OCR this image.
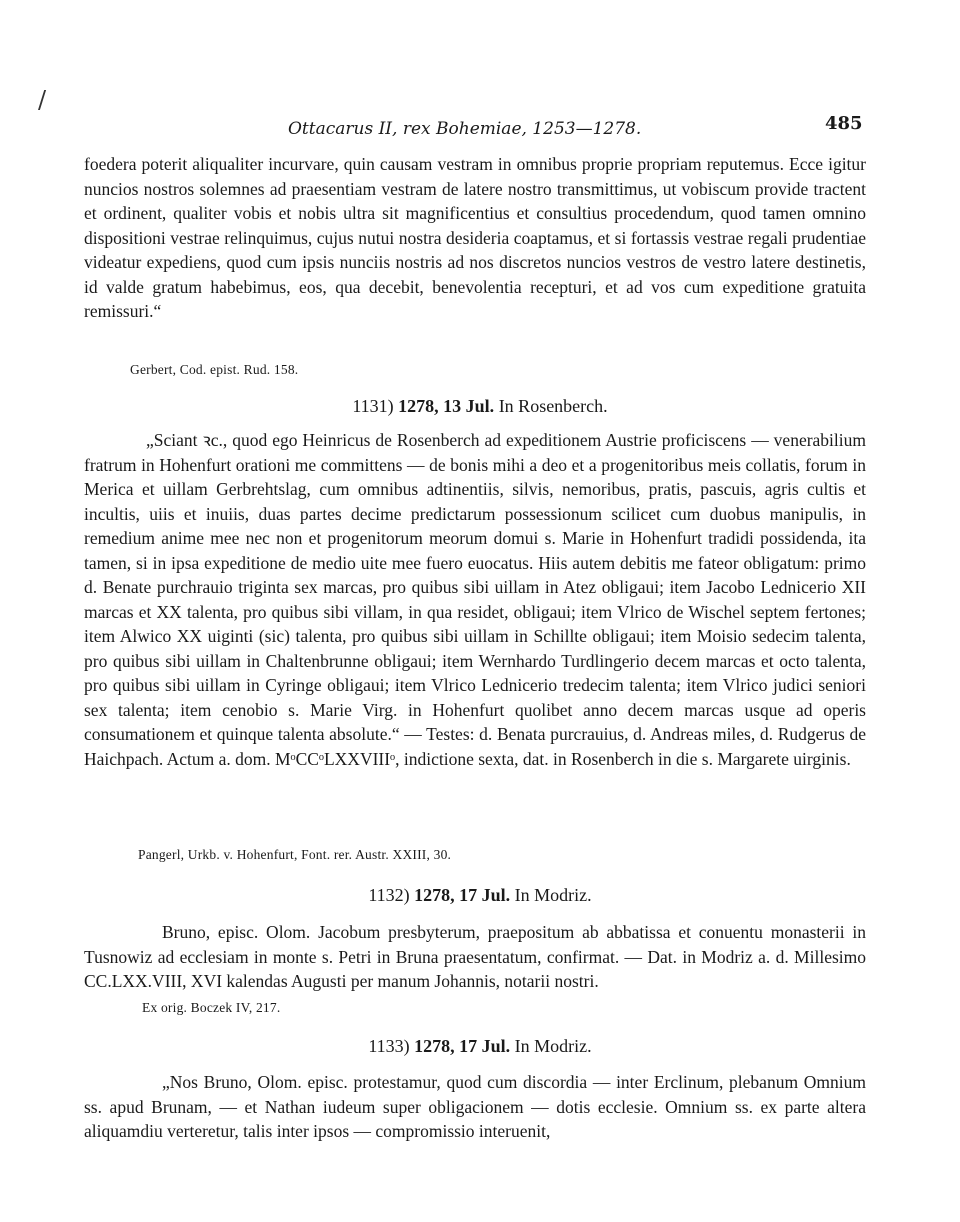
/
Ottacarus II, rex Bohemiae, 1253—1278.	485
foedera poterit aliqualiter incurvare, quin causam vestram in omnibus proprie propriam reputemus. Ecce igitur nuncios nostros solemnes ad praesentiam vestram de latere nostro transmittimus, ut vobiscum provide tractent et ordinent, qualiter vobis et nobis ultra sit magnificentius et consultius procedendum, quod tamen omnino dispositioni vestrae relinquimus, cujus nutui nostra desideria coaptamus, et si fortassis vestrae regali prudentiae videatur expediens, quod cum ipsis nunciis nostris ad nos discretos nuncios vestros de vestro latere destinetis, id valde gratum habebimus, eos, qua decebit, benevolentia recepturi, et ad vos cum expeditione gratuita remissuri.“
Gerbert, Cod. epist. Rud. 158.
1131) 1278, 13 Jul. In Rosenberch.
„Sciant ꝛc., quod ego Heinricus de Rosenberch ad expeditionem Austrie proficiscens — venerabilium fratrum in Hohenfurt orationi me committens — de bonis mihi a deo et a progenitoribus meis collatis, forum in Merica et uillam Gerbrehtslag, cum omnibus adtinentiis, silvis, nemoribus, pratis, pascuis, agris cultis et incultis, uiis et inuiis, duas partes decime predictarum possessionum scilicet cum duobus manipulis, in remedium anime mee nec non et progenitorum meorum domui s. Marie in Hohenfurt tradidi possidenda, ita tamen, si in ipsa expeditione de medio uite mee fuero euocatus. Hiis autem debitis me fateor obligatum: primo d. Benate purchrauio triginta sex marcas, pro quibus sibi uillam in Atez obligaui; item Jacobo Lednicerio XII marcas et XX talenta, pro quibus sibi villam, in qua residet, obligaui; item Vlrico de Wischel septem fertones; item Alwico XX uiginti (sic) talenta, pro quibus sibi uillam in Schillte obligaui; item Moisio sedecim talenta, pro quibus sibi uillam in Chaltenbrunne obligaui; item Wernhardo Turdlingerio decem marcas et octo talenta, pro quibus sibi uillam in Cyringe obligaui; item Vlrico Lednicerio tredecim talenta; item Vlrico judici seniori sex talenta; item cenobio s. Marie Virg. in Hohenfurt quolibet anno decem marcas usque ad operis consumationem et quinque talenta absolute.“ — Testes: d. Benata purcrauius, d. Andreas miles, d. Rudgerus de Haichpach. Actum a. dom. MᵒCCᵒLXXVIIIᵒ, indictione sexta, dat. in Rosenberch in die s. Margarete uirginis.
Pangerl, Urkb. v. Hohenfurt, Font. rer. Austr. XXIII, 30.
1132) 1278, 17 Jul. In Modriz.
Bruno, episc. Olom. Jacobum presbyterum, praepositum ab abbatissa et conuentu monasterii in Tusnowiz ad ecclesiam in monte s. Petri in Bruna praesentatum, confirmat. — Dat. in Modriz a. d. Millesimo CC.LXX.VIII, XVI kalendas Augusti per manum Johannis, notarii nostri.
Ex orig. Boczek IV, 217.
1133) 1278, 17 Jul. In Modriz.
„Nos Bruno, Olom. episc. protestamur, quod cum discordia — inter Erclinum, plebanum Omnium ss. apud Brunam, — et Nathan iudeum super obligacionem — dotis ecclesie. Omnium ss. ex parte altera aliquamdiu verteretur, talis inter ipsos — compromissio interuenit,
